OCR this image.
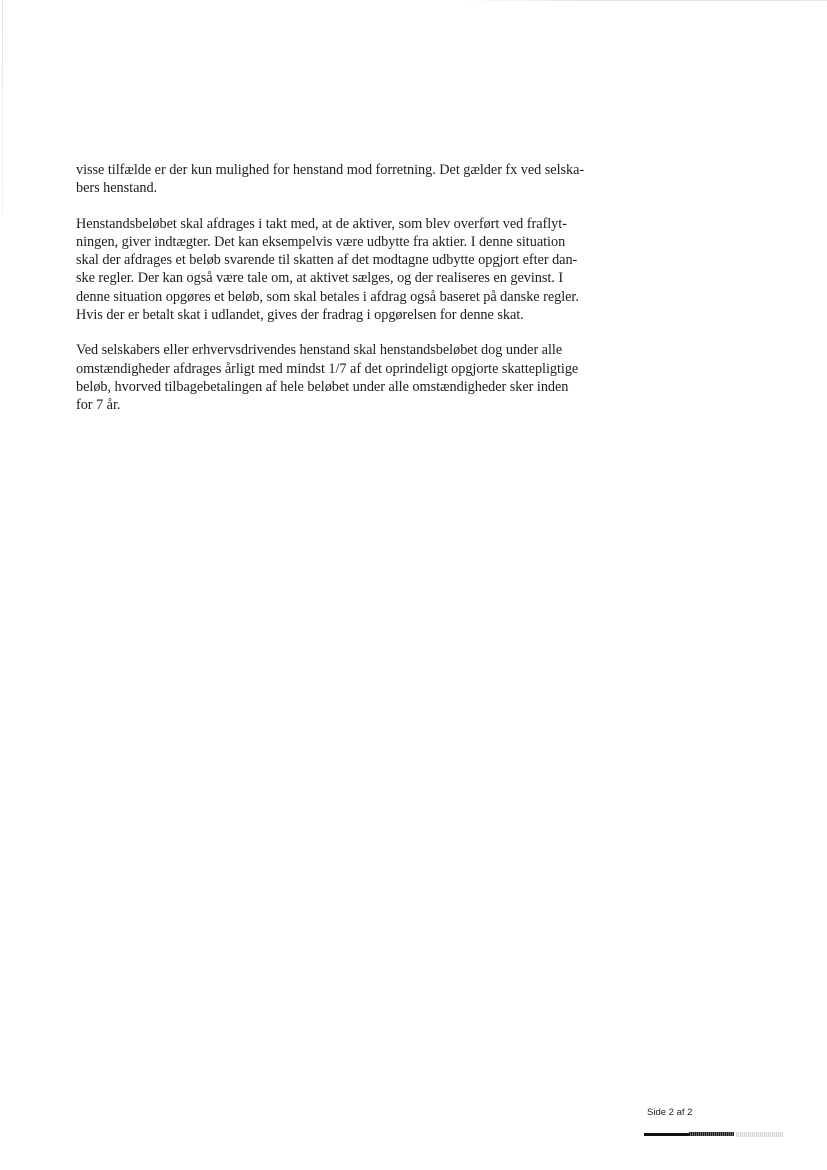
visse tilfælde er der kun mulighed for henstand mod forretning. Det gælder fx ved selska-
bers henstand.

Henstandsbeløbet skal afdrages i takt med, at de aktiver, som blev overført ved fraflyt-
ningen, giver indtægter. Det kan eksempelvis være udbytte fra aktier. I denne situation
skal der afdrages et beløb svarende til skatten af det modtagne udbytte opgjort efter dan-
ske regler. Der kan også være tale om, at aktivet sælges, og der realiseres en gevinst. I
denne situation opgøres et beløb, som skal betales i afdrag også baseret på danske regler.
Hvis der er betalt skat i udlandet, gives der fradrag i opgørelsen for denne skat.

Ved selskabers eller erhvervsdrivendes henstand skal henstandsbeløbet dog under alle
omstændigheder afdrages årligt med mindst 1/7 af det oprindeligt opgjorte skattepligtige
beløb, hvorved tilbagebetalingen af hele beløbet under alle omstændigheder sker inden
for 7 år.

Side 2 af 2
